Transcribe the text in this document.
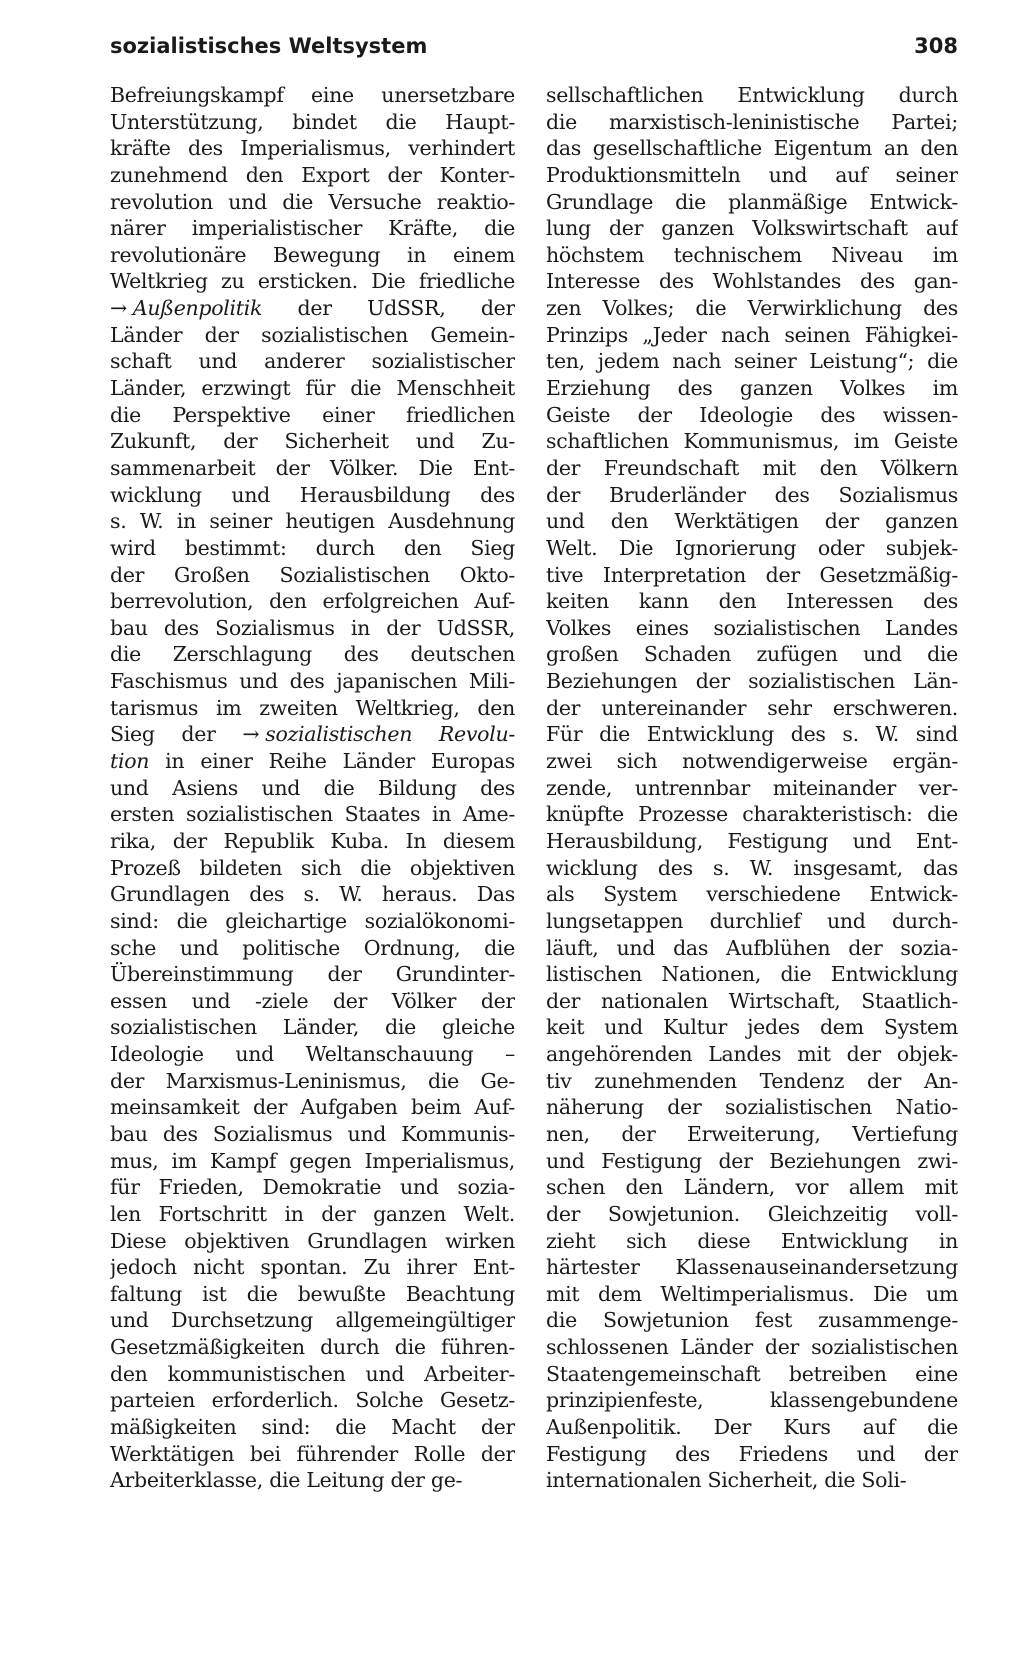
sozialistisches Weltsystem	308
Befreiungskampf eine unersetzbare
Unterstützung, bindet die Haupt-
kräfte des Imperialismus, verhindert
zunehmend den Export der Konter-
revolution und die Versuche reaktio-
närer imperialistischer Kräfte, die
revolutionäre Bewegung in einem
Weltkrieg zu ersticken. Die friedliche
→ Außenpolitik der UdSSR, der
Länder der sozialistischen Gemein-
schaft und anderer sozialistischer
Länder, erzwingt für die Menschheit
die Perspektive einer friedlichen
Zukunft, der Sicherheit und Zu-
sammenarbeit der Völker. Die Ent-
wicklung und Herausbildung des
s. W. in seiner heutigen Ausdehnung
wird bestimmt: durch den Sieg
der Großen Sozialistischen Okto-
berrevolution, den erfolgreichen Auf-
bau des Sozialismus in der UdSSR,
die Zerschlagung des deutschen
Faschismus und des japanischen Mili-
tarismus im zweiten Weltkrieg, den
Sieg der → sozialistischen Revolu-
tion in einer Reihe Länder Europas
und Asiens und die Bildung des
ersten sozialistischen Staates in Ame-
rika, der Republik Kuba. In diesem
Prozeß bildeten sich die objektiven
Grundlagen des s. W. heraus. Das
sind: die gleichartige sozialökonomi-
sche und politische Ordnung, die
Übereinstimmung der Grundinter-
essen und -ziele der Völker der
sozialistischen Länder, die gleiche
Ideologie und Weltanschauung –
der Marxismus-Leninismus, die Ge-
meinsamkeit der Aufgaben beim Auf-
bau des Sozialismus und Kommunis-
mus, im Kampf gegen Imperialismus,
für Frieden, Demokratie und sozia-
len Fortschritt in der ganzen Welt.
Diese objektiven Grundlagen wirken
jedoch nicht spontan. Zu ihrer Ent-
faltung ist die bewußte Beachtung
und Durchsetzung allgemeingültiger
Gesetzmäßigkeiten durch die führen-
den kommunistischen und Arbeiter-
parteien erforderlich. Solche Gesetz-
mäßigkeiten sind: die Macht der
Werktätigen bei führender Rolle der
Arbeiterklasse, die Leitung der ge-
sellschaftlichen Entwicklung durch
die marxistisch-leninistische Partei;
das gesellschaftliche Eigentum an den
Produktionsmitteln und auf seiner
Grundlage die planmäßige Entwick-
lung der ganzen Volkswirtschaft auf
höchstem technischem Niveau im
Interesse des Wohlstandes des gan-
zen Volkes; die Verwirklichung des
Prinzips „Jeder nach seinen Fähigkei-
ten, jedem nach seiner Leistung“; die
Erziehung des ganzen Volkes im
Geiste der Ideologie des wissen-
schaftlichen Kommunismus, im Geiste
der Freundschaft mit den Völkern
der Bruderländer des Sozialismus
und den Werktätigen der ganzen
Welt. Die Ignorierung oder subjek-
tive Interpretation der Gesetzmäßig-
keiten kann den Interessen des
Volkes eines sozialistischen Landes
großen Schaden zufügen und die
Beziehungen der sozialistischen Län-
der untereinander sehr erschweren.
Für die Entwicklung des s. W. sind
zwei sich notwendigerweise ergän-
zende, untrennbar miteinander ver-
knüpfte Prozesse charakteristisch: die
Herausbildung, Festigung und Ent-
wicklung des s. W. insgesamt, das
als System verschiedene Entwick-
lungsetappen durchlief und durch-
läuft, und das Aufblühen der sozia-
listischen Nationen, die Entwicklung
der nationalen Wirtschaft, Staatlich-
keit und Kultur jedes dem System
angehörenden Landes mit der objek-
tiv zunehmenden Tendenz der An-
näherung der sozialistischen Natio-
nen, der Erweiterung, Vertiefung
und Festigung der Beziehungen zwi-
schen den Ländern, vor allem mit
der Sowjetunion. Gleichzeitig voll-
zieht sich diese Entwicklung in
härtester Klassenauseinandersetzung
mit dem Weltimperialismus. Die um
die Sowjetunion fest zusammenge-
schlossenen Länder der sozialistischen
Staatengemeinschaft betreiben eine
prinzipienfeste, klassengebundene
Außenpolitik. Der Kurs auf die
Festigung des Friedens und der
internationalen Sicherheit, die Soli-
